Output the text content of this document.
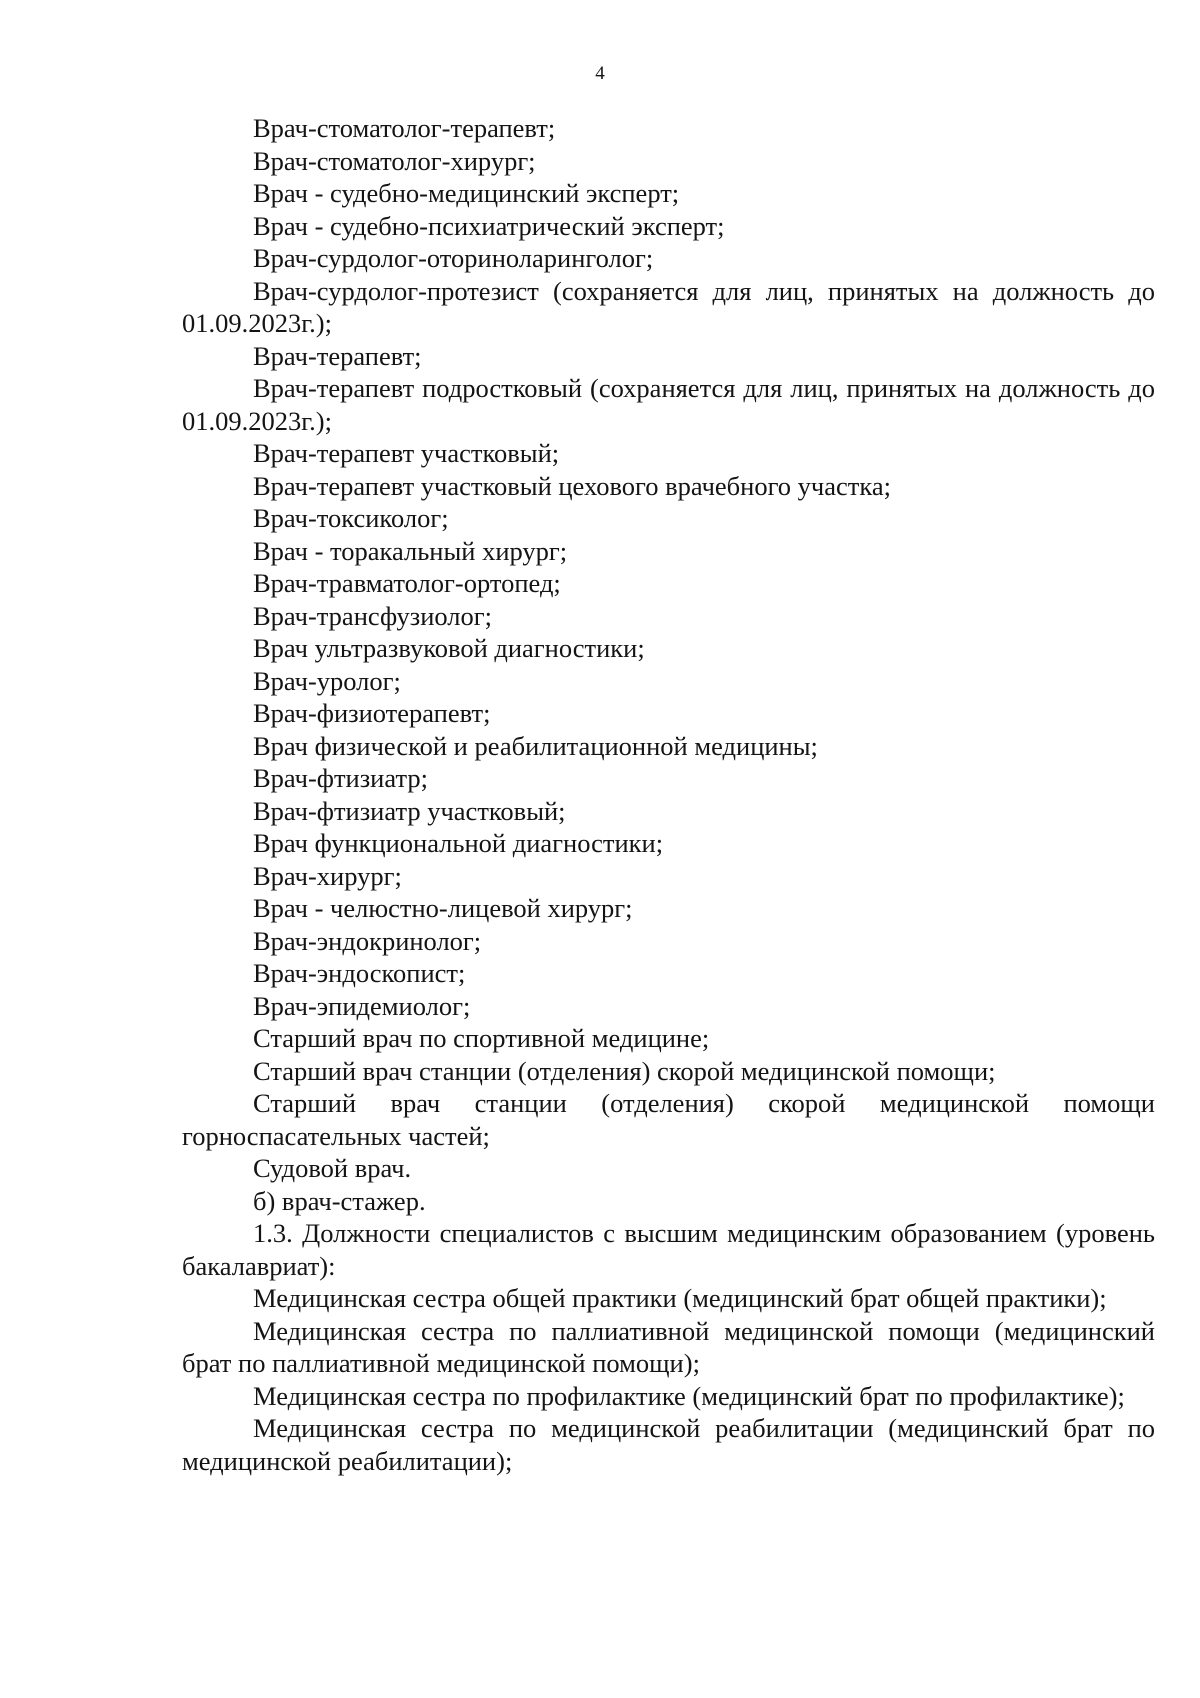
4

Врач-стоматолог-терапевт;

Врач-стоматолог-хирург;

Врач - судебно-медицинский эксперт;

Врач - судебно-психиатрический эксперт;

Врач-сурдолог-оториноларинголог;

Врач-сурдолог-протезист (сохраняется для лиц, принятых на должность до 01.09.2023г.);

Врач-терапевт;

Врач-терапевт подростковый (сохраняется для лиц, принятых на должность до 01.09.2023г.);

Врач-терапевт участковый;

Врач-терапевт участковый цехового врачебного участка;

Врач-токсиколог;

Врач - торакальный хирург;

Врач-травматолог-ортопед;

Врач-трансфузиолог;

Врач ультразвуковой диагностики;

Врач-уролог;

Врач-физиотерапевт;

Врач физической и реабилитационной медицины;

Врач-фтизиатр;

Врач-фтизиатр участковый;

Врач функциональной диагностики;

Врач-хирург;

Врач - челюстно-лицевой хирург;

Врач-эндокринолог;

Врач-эндоскопист;

Врач-эпидемиолог;

Старший врач по спортивной медицине;

Старший врач станции (отделения) скорой медицинской помощи;

Старший врач станции (отделения) скорой медицинской помощи горноспасательных частей;

Судовой врач.

б) врач-стажер.

1.3. Должности специалистов с высшим медицинским образованием (уровень бакалавриат):

Медицинская сестра общей практики (медицинский брат общей практики);

Медицинская сестра по паллиативной медицинской помощи (медицинский брат по паллиативной медицинской помощи);

Медицинская сестра по профилактике (медицинский брат по профилактике);

Медицинская сестра по медицинской реабилитации (медицинский брат по медицинской реабилитации);
